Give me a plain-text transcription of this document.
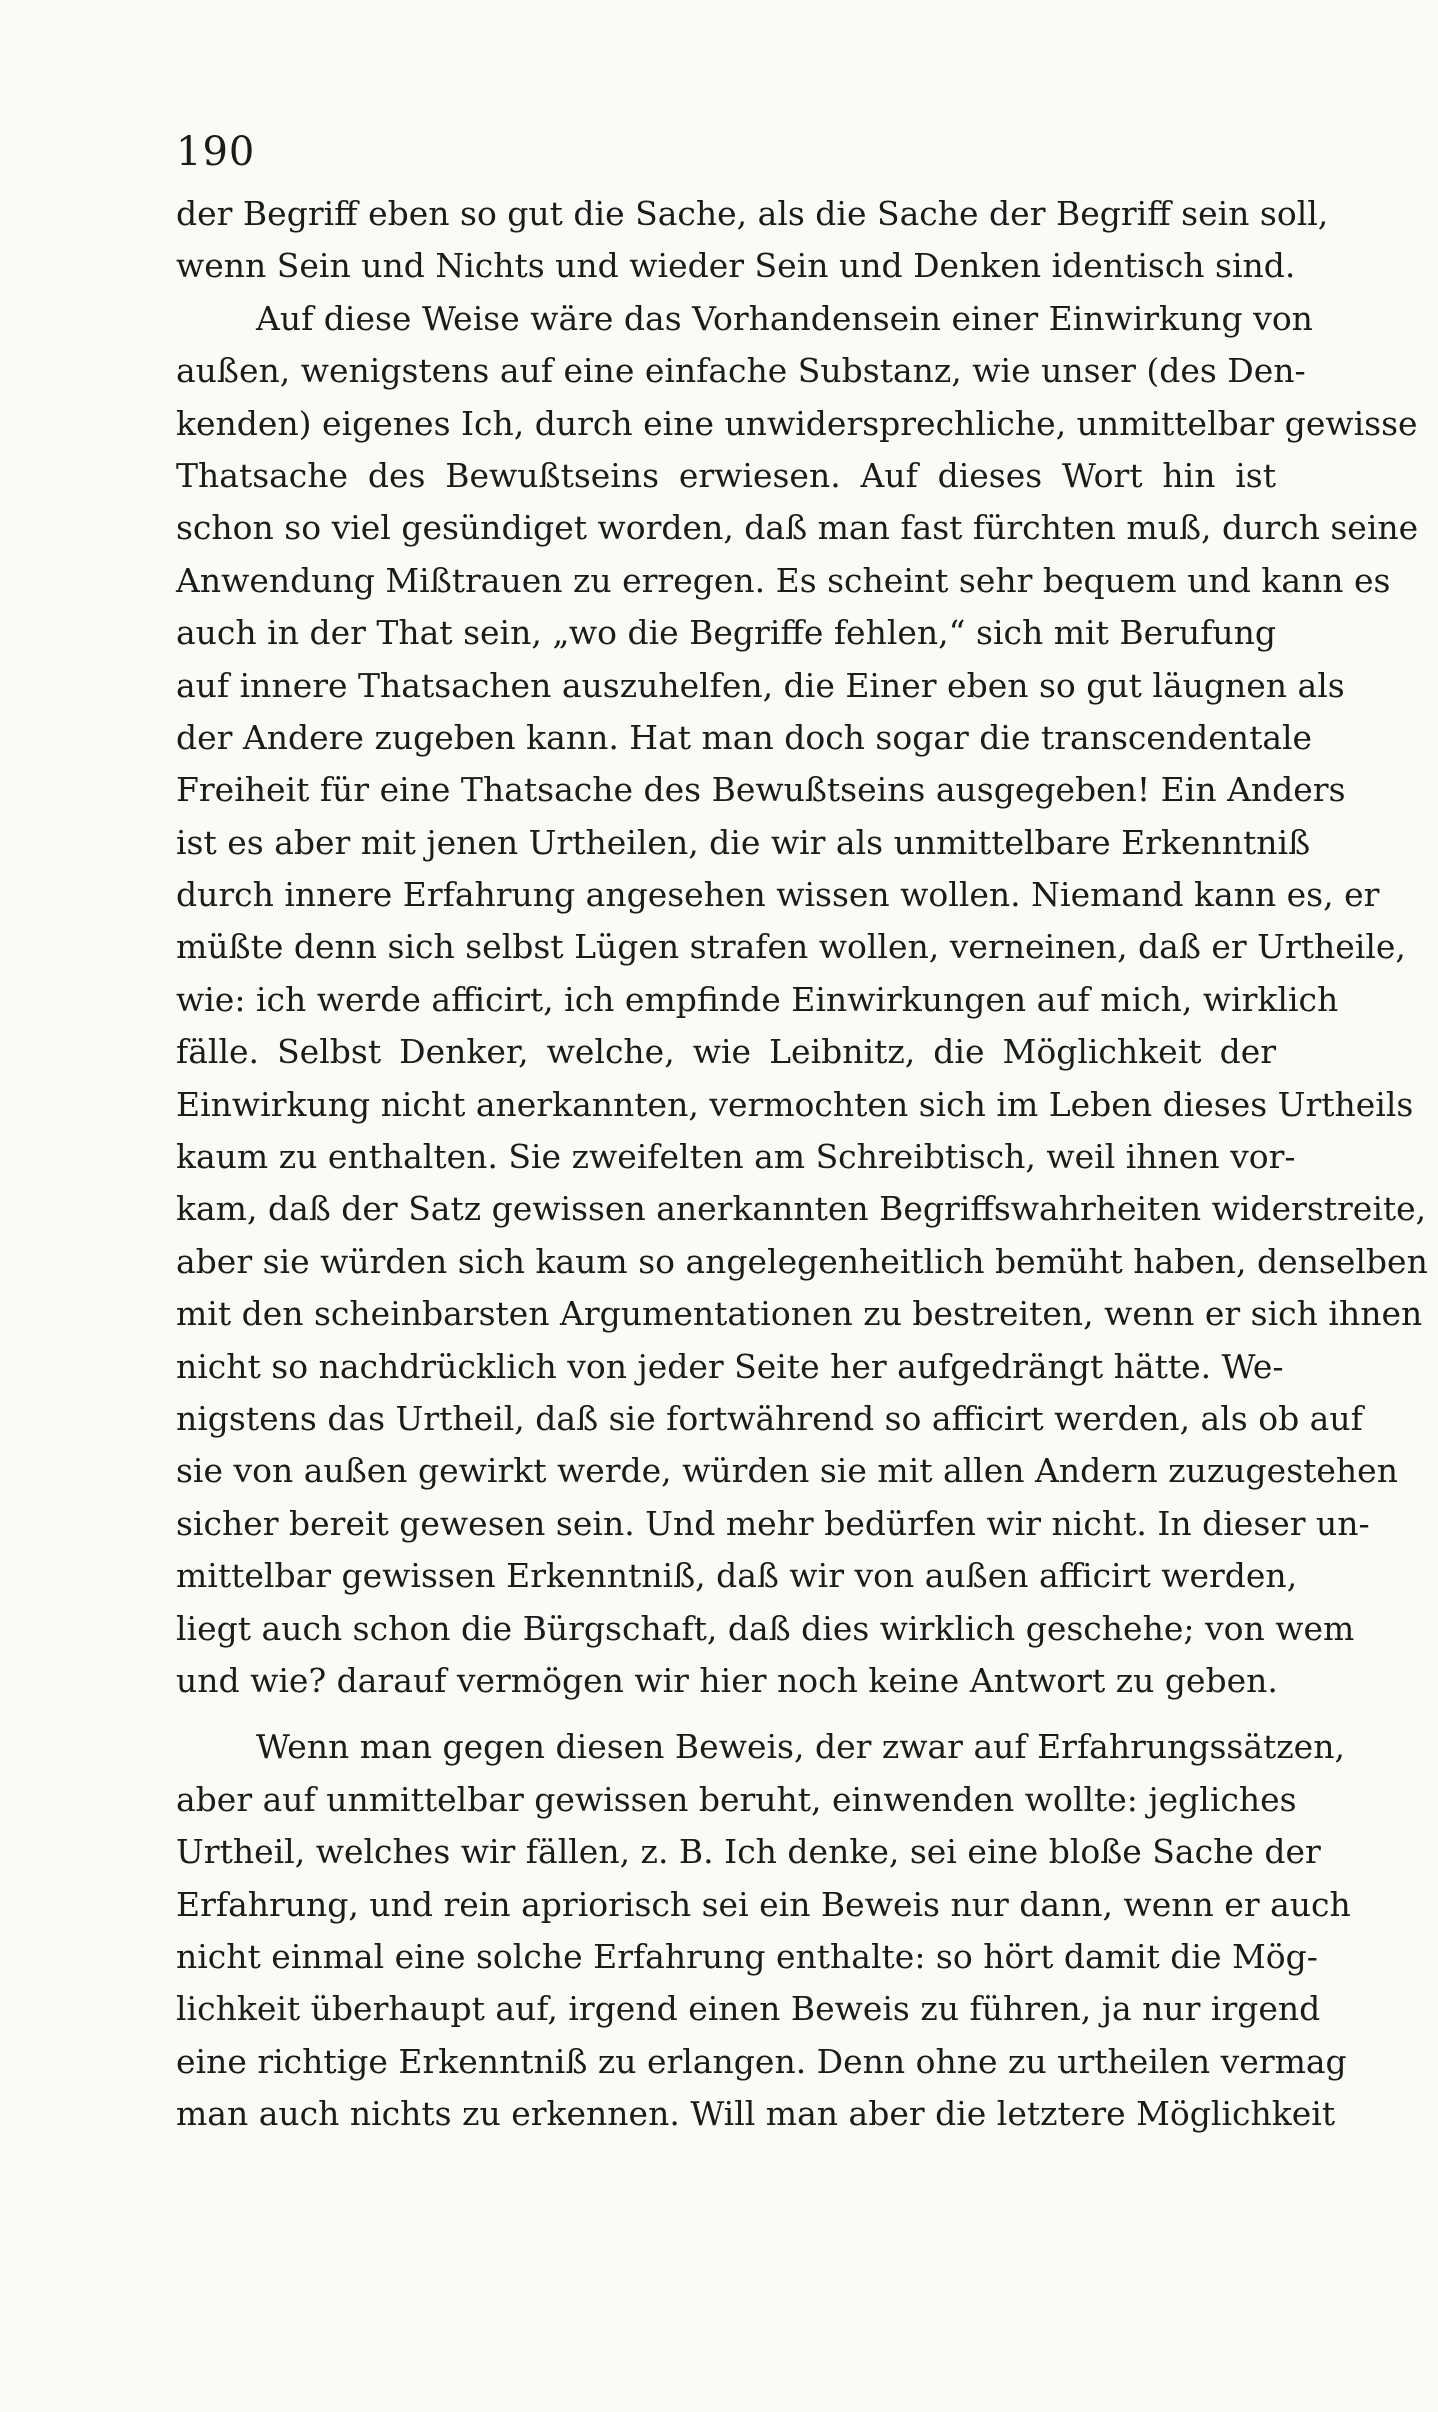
190
der Begriff eben so gut die Sache, als die Sache der Begriff sein soll,
wenn Sein und Nichts und wieder Sein und Denken identisch sind.
Auf diese Weise wäre das Vorhandensein einer Einwirkung von
außen, wenigstens auf eine einfache Substanz, wie unser (des Den-
kenden) eigenes Ich, durch eine unwidersprechliche, unmittelbar gewisse
Thatsache des Bewußtseins erwiesen. Auf dieses Wort hin ist
schon so viel gesündiget worden, daß man fast fürchten muß, durch seine
Anwendung Mißtrauen zu erregen. Es scheint sehr bequem und kann es
auch in der That sein, „wo die Begriffe fehlen,“ sich mit Berufung
auf innere Thatsachen auszuhelfen, die Einer eben so gut läugnen als
der Andere zugeben kann. Hat man doch sogar die transcendentale
Freiheit für eine Thatsache des Bewußtseins ausgegeben! Ein Anders
ist es aber mit jenen Urtheilen, die wir als unmittelbare Erkenntniß
durch innere Erfahrung angesehen wissen wollen. Niemand kann es, er
müßte denn sich selbst Lügen strafen wollen, verneinen, daß er Urtheile,
wie: ich werde afficirt, ich empfinde Einwirkungen auf mich, wirklich
fälle. Selbst Denker, welche, wie Leibnitz, die Möglichkeit der
Einwirkung nicht anerkannten, vermochten sich im Leben dieses Urtheils
kaum zu enthalten. Sie zweifelten am Schreibtisch, weil ihnen vor-
kam, daß der Satz gewissen anerkannten Begriffswahrheiten widerstreite,
aber sie würden sich kaum so angelegenheitlich bemüht haben, denselben
mit den scheinbarsten Argumentationen zu bestreiten, wenn er sich ihnen
nicht so nachdrücklich von jeder Seite her aufgedrängt hätte. We-
nigstens das Urtheil, daß sie fortwährend so afficirt werden, als ob auf
sie von außen gewirkt werde, würden sie mit allen Andern zuzugestehen
sicher bereit gewesen sein. Und mehr bedürfen wir nicht. In dieser un-
mittelbar gewissen Erkenntniß, daß wir von außen afficirt werden,
liegt auch schon die Bürgschaft, daß dies wirklich geschehe; von wem
und wie? darauf vermögen wir hier noch keine Antwort zu geben.
Wenn man gegen diesen Beweis, der zwar auf Erfahrungssätzen,
aber auf unmittelbar gewissen beruht, einwenden wollte: jegliches
Urtheil, welches wir fällen, z. B. Ich denke, sei eine bloße Sache der
Erfahrung, und rein apriorisch sei ein Beweis nur dann, wenn er auch
nicht einmal eine solche Erfahrung enthalte: so hört damit die Mög-
lichkeit überhaupt auf, irgend einen Beweis zu führen, ja nur irgend
eine richtige Erkenntniß zu erlangen. Denn ohne zu urtheilen vermag
man auch nichts zu erkennen. Will man aber die letztere Möglichkeit
